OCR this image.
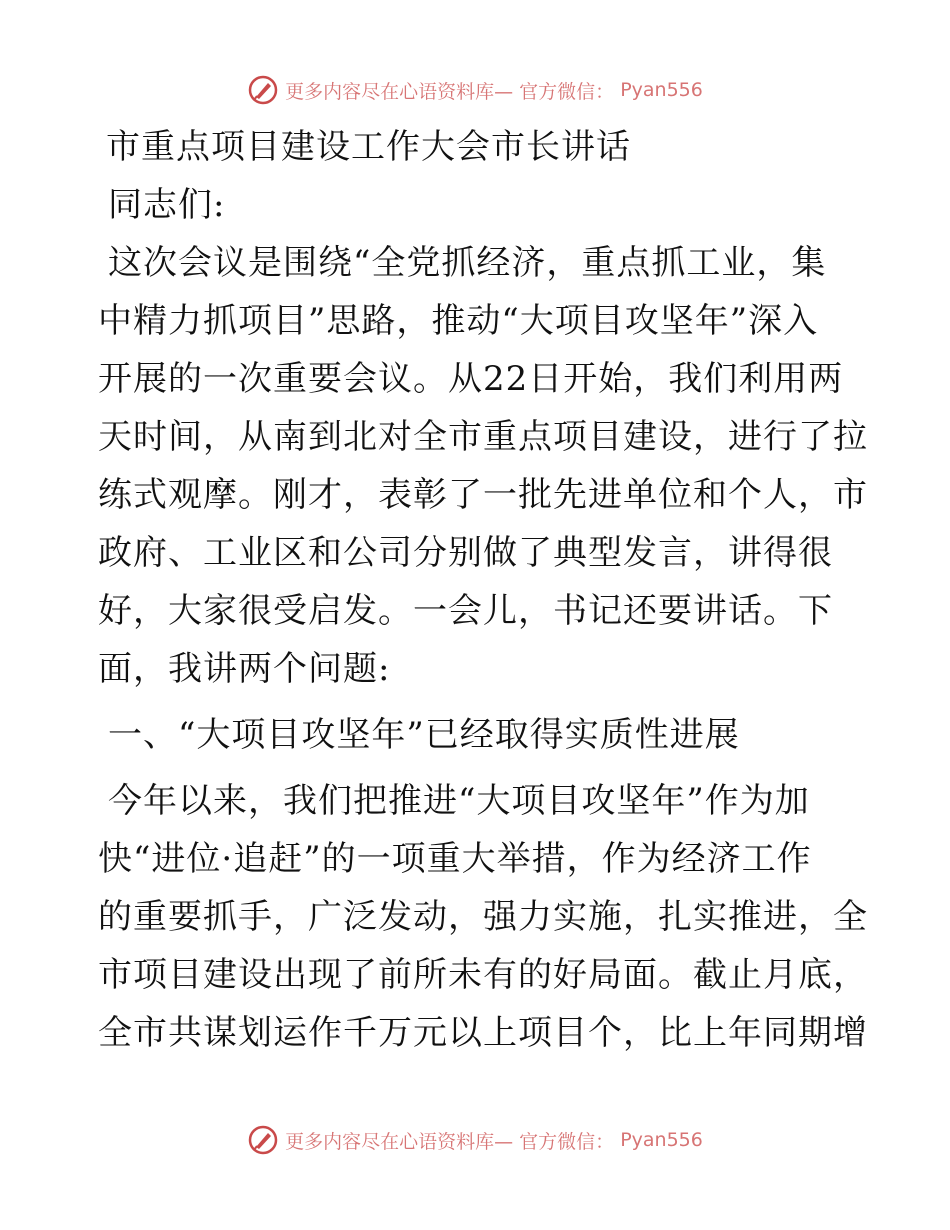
更多内容尽在心语资料库— 官方微信： Pyan556
市重点项目建设工作大会市长讲话
同志们:
这次会议是围绕“全党抓经济，重点抓工业，集
中精力抓项目”思路，推动“大项目攻坚年”深入
开展的一次重要会议。从22日开始，我们利用两
天时间，从南到北对全市重点项目建设，进行了拉
练式观摩。刚才，表彰了一批先进单位和个人，市
政府、工业区和公司分别做了典型发言，讲得很
好，大家很受启发。一会儿，书记还要讲话。下
面，我讲两个问题:
一、“大项目攻坚年”已经取得实质性进展
今年以来，我们把推进“大项目攻坚年”作为加
快“进位·追赶”的一项重大举措，作为经济工作
的重要抓手，广泛发动，强力实施，扎实推进，全
市项目建设出现了前所未有的好局面。截止月底，
全市共谋划运作千万元以上项目个，比上年同期增
更多内容尽在心语资料库— 官方微信： Pyan556
